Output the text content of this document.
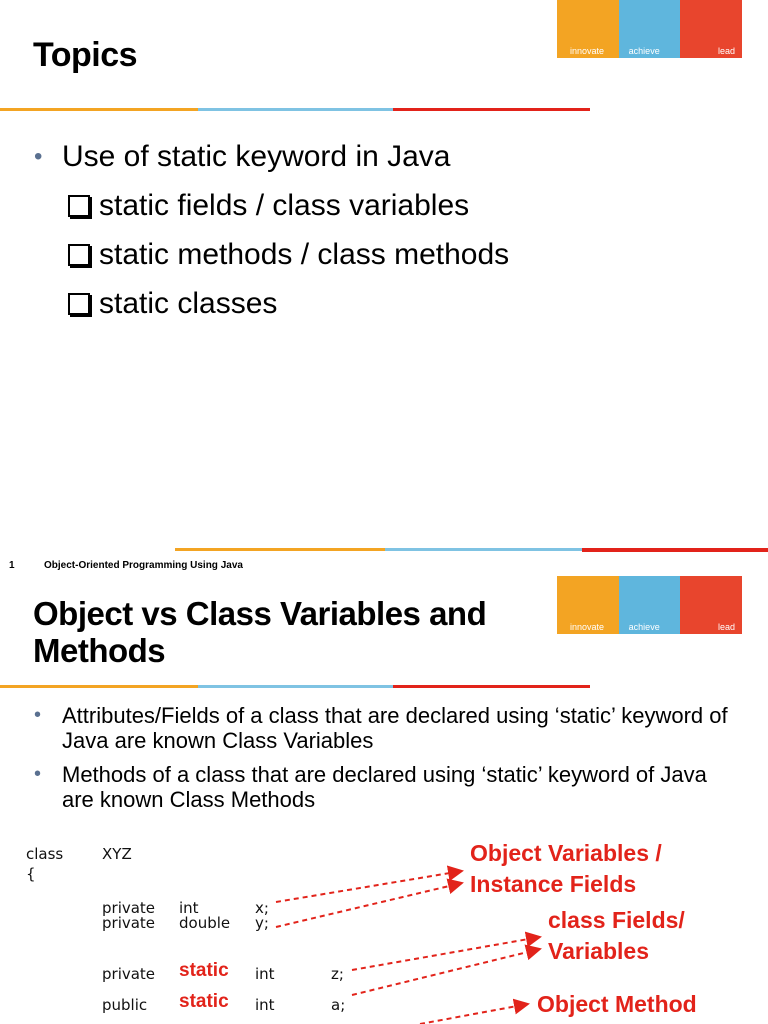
Topics	innovate	achieve	lead
• Use of static keyword in Java
static fields / class variables
static methods / class methods
static classes
1	Object-Oriented Programming Using Java
Object vs Class Variables and
Methods
innovate	achieve	lead
• Attributes/Fields of a class that are declared using ‘static’ keyword of Java are known Class Variables
• Methods of a class that are declared using ‘static’ keyword of Java are known Class Methods
class	XYZ
{
private int	x;
private double y;
private static int	z;
public static int	a;
Object Variables /
Instance Fields
class Fields/
Variables
Object Method
